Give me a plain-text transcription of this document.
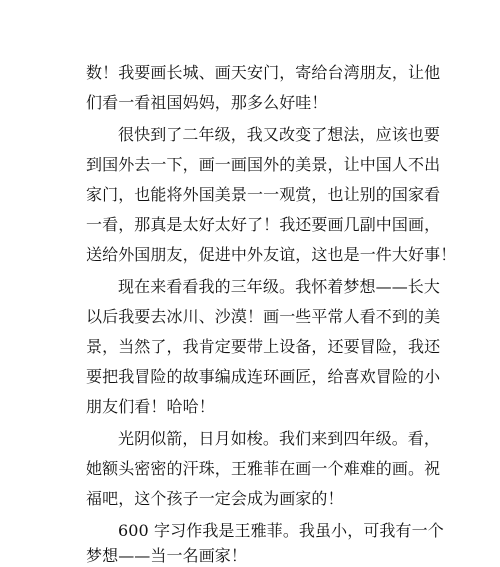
数！我要画长城、画天安门，寄给台湾朋友，让他
们看一看祖国妈妈，那多么好哇！
很快到了二年级，我又改变了想法，应该也要
到国外去一下，画一画国外的美景，让中国人不出
家门，也能将外国美景一一观赏，也让别的国家看
一看，那真是太好太好了！我还要画几副中国画，
送给外国朋友，促进中外友谊，这也是一件大好事！
现在来看看我的三年级。我怀着梦想——长大
以后我要去冰川、沙漠！画一些平常人看不到的美
景，当然了，我肯定要带上设备，还要冒险，我还
要把我冒险的故事编成连环画匠，给喜欢冒险的小
朋友们看！哈哈！
光阴似箭，日月如梭。我们来到四年级。看，
她额头密密的汗珠，王雅菲在画一个难难的画。祝
福吧，这个孩子一定会成为画家的！
600 字习作我是王雅菲。我虽小，可我有一个
梦想——当一名画家！
